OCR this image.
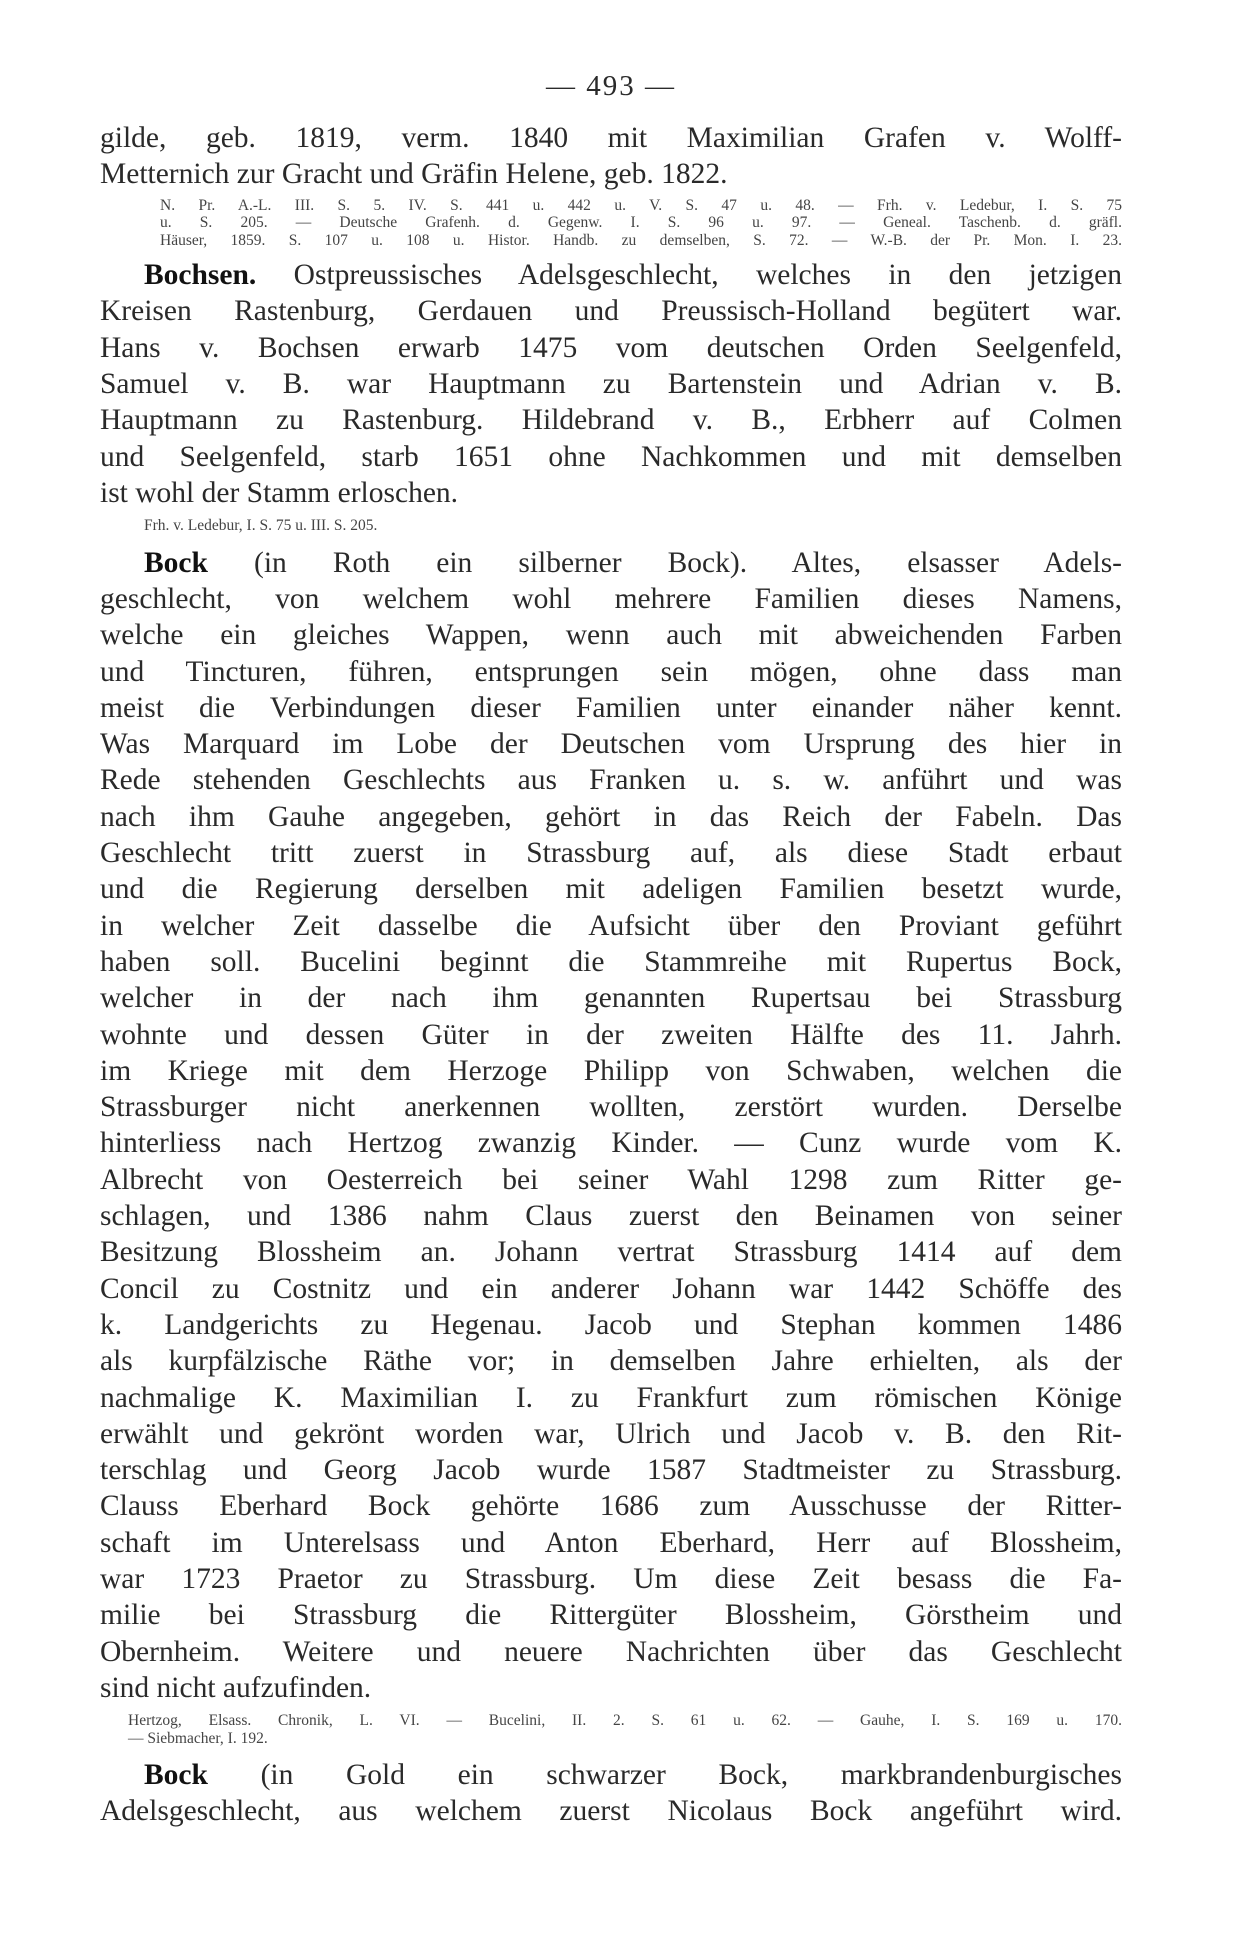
— 493 —
gilde, geb. 1819, verm. 1840 mit Maximilian Grafen v. Wolff-
Metternich zur Gracht und Gräfin Helene, geb. 1822.
N. Pr. A.-L. III. S. 5. IV. S. 441 u. 442 u. V. S. 47 u. 48. — Frh. v. Ledebur, I. S. 75
u. S. 205. — Deutsche Grafenh. d. Gegenw. I. S. 96 u. 97. — Geneal. Taschenb. d. gräfl.
Häuser, 1859. S. 107 u. 108 u. Histor. Handb. zu demselben, S. 72. — W.-B. der Pr. Mon. I. 23.
Bochsen. Ostpreussisches Adelsgeschlecht, welches in den jetzigen
Kreisen Rastenburg, Gerdauen und Preussisch-Holland begütert war.
Hans v. Bochsen erwarb 1475 vom deutschen Orden Seelgenfeld,
Samuel v. B. war Hauptmann zu Bartenstein und Adrian v. B.
Hauptmann zu Rastenburg. Hildebrand v. B., Erbherr auf Colmen
und Seelgenfeld, starb 1651 ohne Nachkommen und mit demselben
ist wohl der Stamm erloschen.
Frh. v. Ledebur, I. S. 75 u. III. S. 205.
Bock (in Roth ein silberner Bock). Altes, elsasser Adels-
geschlecht, von welchem wohl mehrere Familien dieses Namens,
welche ein gleiches Wappen, wenn auch mit abweichenden Farben
und Tincturen, führen, entsprungen sein mögen, ohne dass man
meist die Verbindungen dieser Familien unter einander näher kennt.
Was Marquard im Lobe der Deutschen vom Ursprung des hier in
Rede stehenden Geschlechts aus Franken u. s. w. anführt und was
nach ihm Gauhe angegeben, gehört in das Reich der Fabeln. Das
Geschlecht tritt zuerst in Strassburg auf, als diese Stadt erbaut
und die Regierung derselben mit adeligen Familien besetzt wurde,
in welcher Zeit dasselbe die Aufsicht über den Proviant geführt
haben soll. Bucelini beginnt die Stammreihe mit Rupertus Bock,
welcher in der nach ihm genannten Rupertsau bei Strassburg
wohnte und dessen Güter in der zweiten Hälfte des 11. Jahrh.
im Kriege mit dem Herzoge Philipp von Schwaben, welchen die
Strassburger nicht anerkennen wollten, zerstört wurden. Derselbe
hinterliess nach Hertzog zwanzig Kinder. — Cunz wurde vom K.
Albrecht von Oesterreich bei seiner Wahl 1298 zum Ritter ge-
schlagen, und 1386 nahm Claus zuerst den Beinamen von seiner
Besitzung Blossheim an. Johann vertrat Strassburg 1414 auf dem
Concil zu Costnitz und ein anderer Johann war 1442 Schöffe des
k. Landgerichts zu Hegenau. Jacob und Stephan kommen 1486
als kurpfälzische Räthe vor; in demselben Jahre erhielten, als der
nachmalige K. Maximilian I. zu Frankfurt zum römischen Könige
erwählt und gekrönt worden war, Ulrich und Jacob v. B. den Rit-
terschlag und Georg Jacob wurde 1587 Stadtmeister zu Strassburg.
Clauss Eberhard Bock gehörte 1686 zum Ausschusse der Ritter-
schaft im Unterelsass und Anton Eberhard, Herr auf Blossheim,
war 1723 Praetor zu Strassburg. Um diese Zeit besass die Fa-
milie bei Strassburg die Rittergüter Blossheim, Görstheim und
Obernheim. Weitere und neuere Nachrichten über das Geschlecht
sind nicht aufzufinden.
Hertzog, Elsass. Chronik, L. VI. — Bucelini, II. 2. S. 61 u. 62. — Gauhe, I. S. 169 u. 170.
— Siebmacher, I. 192.
Bock (in Gold ein schwarzer Bock, markbrandenburgisches
Adelsgeschlecht, aus welchem zuerst Nicolaus Bock angeführt wird.
